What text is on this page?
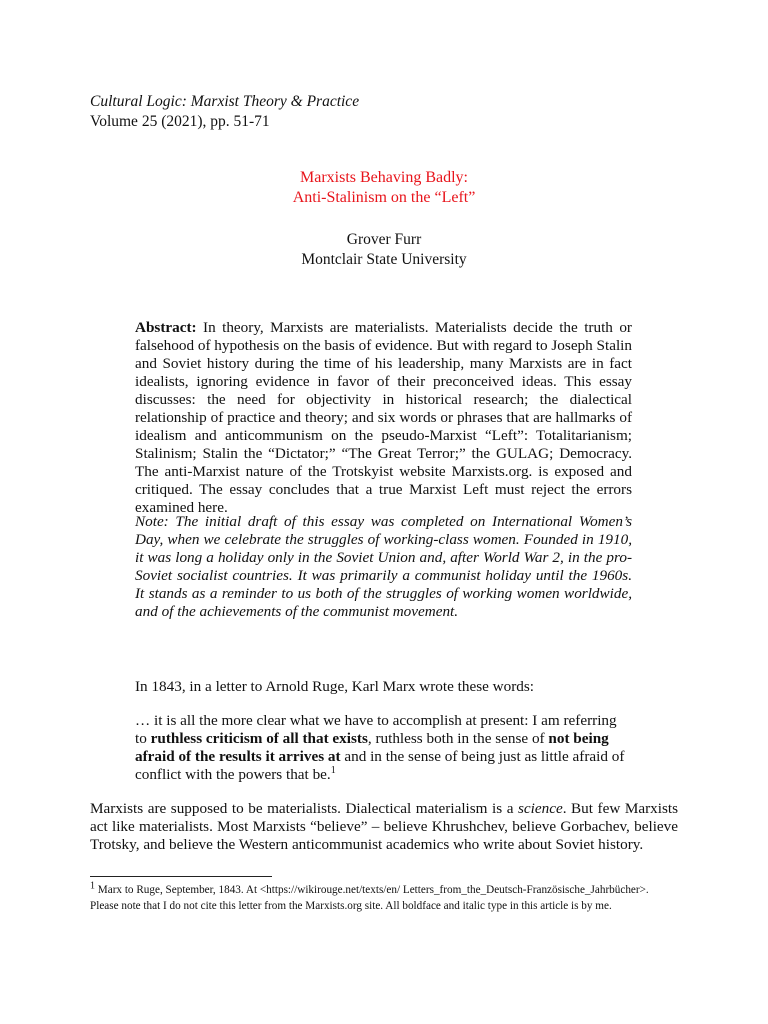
Cultural Logic: Marxist Theory & Practice
Volume 25 (2021), pp. 51-71
Marxists Behaving Badly:
Anti-Stalinism on the “Left”
Grover Furr
Montclair State University
Abstract: In theory, Marxists are materialists. Materialists decide the truth or falsehood of hypothesis on the basis of evidence. But with regard to Joseph Stalin and Soviet history during the time of his leadership, many Marxists are in fact idealists, ignoring evidence in favor of their preconceived ideas. This essay discusses: the need for objectivity in historical research; the dialectical relationship of practice and theory; and six words or phrases that are hallmarks of idealism and anticommunism on the pseudo-Marxist “Left”: Totalitarianism; Stalinism; Stalin the “Dictator;” “The Great Terror;” the GULAG; Democracy. The anti-Marxist nature of the Trotskyist website Marxists.org. is exposed and critiqued. The essay concludes that a true Marxist Left must reject the errors examined here.
Note: The initial draft of this essay was completed on International Women’s Day, when we celebrate the struggles of working-class women. Founded in 1910, it was long a holiday only in the Soviet Union and, after World War 2, in the pro-Soviet socialist countries. It was primarily a communist holiday until the 1960s. It stands as a reminder to us both of the struggles of working women worldwide, and of the achievements of the communist movement.
In 1843, in a letter to Arnold Ruge, Karl Marx wrote these words:
… it is all the more clear what we have to accomplish at present: I am referring to ruthless criticism of all that exists, ruthless both in the sense of not being afraid of the results it arrives at and in the sense of being just as little afraid of conflict with the powers that be.$^1$
Marxists are supposed to be materialists. Dialectical materialism is a science. But few Marxists act like materialists. Most Marxists “believe” – believe Khrushchev, believe Gorbachev, believe Trotsky, and believe the Western anticommunist academics who write about Soviet history.
$^1$ Marx to Ruge, September, 1843. At <https://wikirouge.net/texts/en/ Letters_from_the_Deutsch-Französische_Jahrbücher>. Please note that I do not cite this letter from the Marxists.org site. All boldface and italic type in this article is by me.
